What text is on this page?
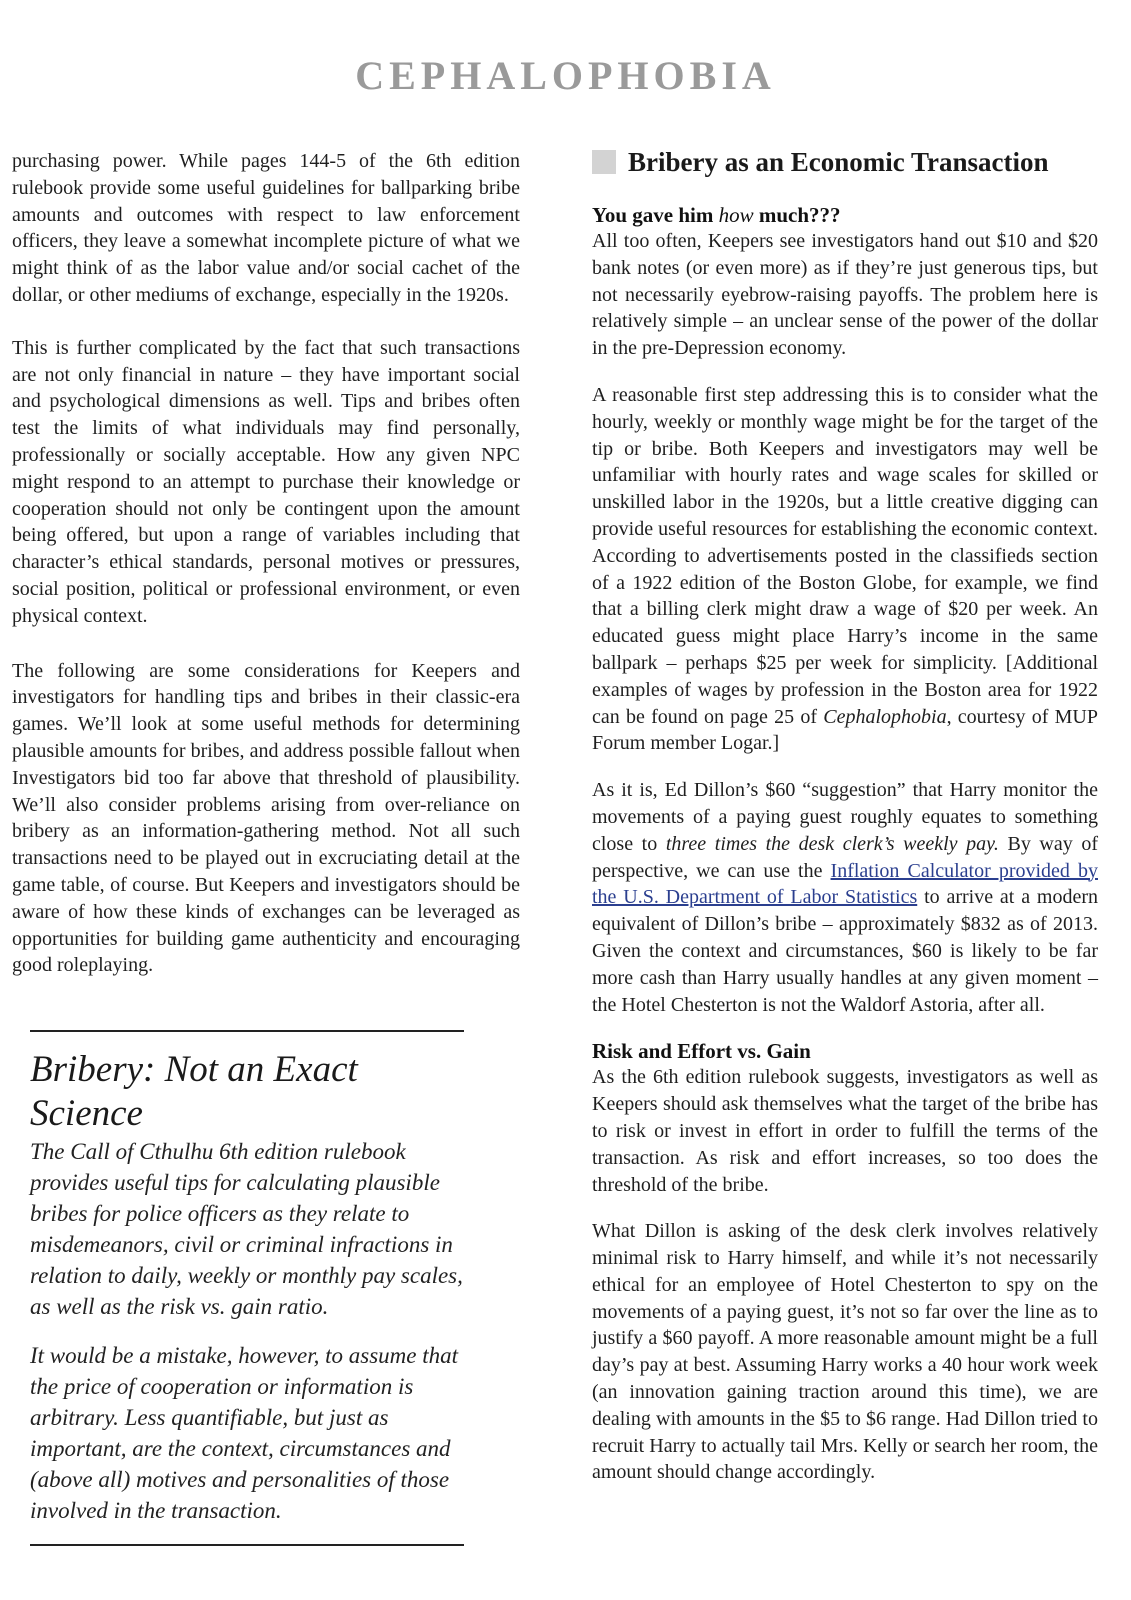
CEPHALOPHOBIA

purchasing power. While pages 144-5 of the 6th edition rulebook provide some useful guidelines for ballparking bribe amounts and outcomes with respect to law enforcement officers, they leave a somewhat incomplete picture of what we might think of as the labor value and/or social cachet of the dollar, or other mediums of exchange, especially in the 1920s.

This is further complicated by the fact that such transactions are not only financial in nature – they have important social and psychological dimensions as well. Tips and bribes often test the limits of what individuals may find personally, professionally or socially acceptable. How any given NPC might respond to an attempt to purchase their knowledge or cooperation should not only be contingent upon the amount being offered, but upon a range of variables including that character’s ethical standards, personal motives or pressures, social position, political or professional environment, or even physical context.

The following are some considerations for Keepers and investigators for handling tips and bribes in their classic-era games. We’ll look at some useful methods for determining plausible amounts for bribes, and address possible fallout when Investigators bid too far above that threshold of plausibility. We’ll also consider problems arising from over-reliance on bribery as an information-gathering method. Not all such transactions need to be played out in excruciating detail at the game table, of course. But Keepers and investigators should be aware of how these kinds of exchanges can be leveraged as opportunities for building game authenticity and encouraging good roleplaying.

Bribery: Not an Exact Science

The Call of Cthulhu 6th edition rulebook provides useful tips for calculating plausible bribes for police officers as they relate to misdemeanors, civil or criminal infractions in relation to daily, weekly or monthly pay scales, as well as the risk vs. gain ratio.

It would be a mistake, however, to assume that the price of cooperation or information is arbitrary. Less quantifiable, but just as important, are the context, circumstances and (above all) motives and personalities of those involved in the transaction.

Bribery as an Economic Transaction
You gave him how much???

All too often, Keepers see investigators hand out $10 and $20 bank notes (or even more) as if they’re just generous tips, but not necessarily eyebrow-raising payoffs. The problem here is relatively simple – an unclear sense of the power of the dollar in the pre-Depression economy.

A reasonable first step addressing this is to consider what the hourly, weekly or monthly wage might be for the target of the tip or bribe. Both Keepers and investigators may well be unfamiliar with hourly rates and wage scales for skilled or unskilled labor in the 1920s, but a little creative digging can provide useful resources for establishing the economic context. According to advertisements posted in the classifieds section of a 1922 edition of the Boston Globe, for example, we find that a billing clerk might draw a wage of $20 per week. An educated guess might place Harry’s income in the same ballpark – perhaps $25 per week for simplicity. [Additional examples of wages by profession in the Boston area for 1922 can be found on page 25 of Cephalophobia, courtesy of MUP Forum member Logar.]

As it is, Ed Dillon’s $60 “suggestion” that Harry monitor the movements of a paying guest roughly equates to something close to three times the desk clerk’s weekly pay. By way of perspective, we can use the Inflation Calculator provided by the U.S. Department of Labor Statistics to arrive at a modern equivalent of Dillon’s bribe – approximately $832 as of 2013. Given the context and circumstances, $60 is likely to be far more cash than Harry usually handles at any given moment – the Hotel Chesterton is not the Waldorf Astoria, after all.

Risk and Effort vs. Gain

As the 6th edition rulebook suggests, investigators as well as Keepers should ask themselves what the target of the bribe has to risk or invest in effort in order to fulfill the terms of the transaction. As risk and effort increases, so too does the threshold of the bribe.

What Dillon is asking of the desk clerk involves relatively minimal risk to Harry himself, and while it’s not necessarily ethical for an employee of Hotel Chesterton to spy on the movements of a paying guest, it’s not so far over the line as to justify a $60 payoff. A more reasonable amount might be a full day’s pay at best. Assuming Harry works a 40 hour work week (an innovation gaining traction around this time), we are dealing with amounts in the $5 to $6 range. Had Dillon tried to recruit Harry to actually tail Mrs. Kelly or search her room, the amount should change accordingly.
